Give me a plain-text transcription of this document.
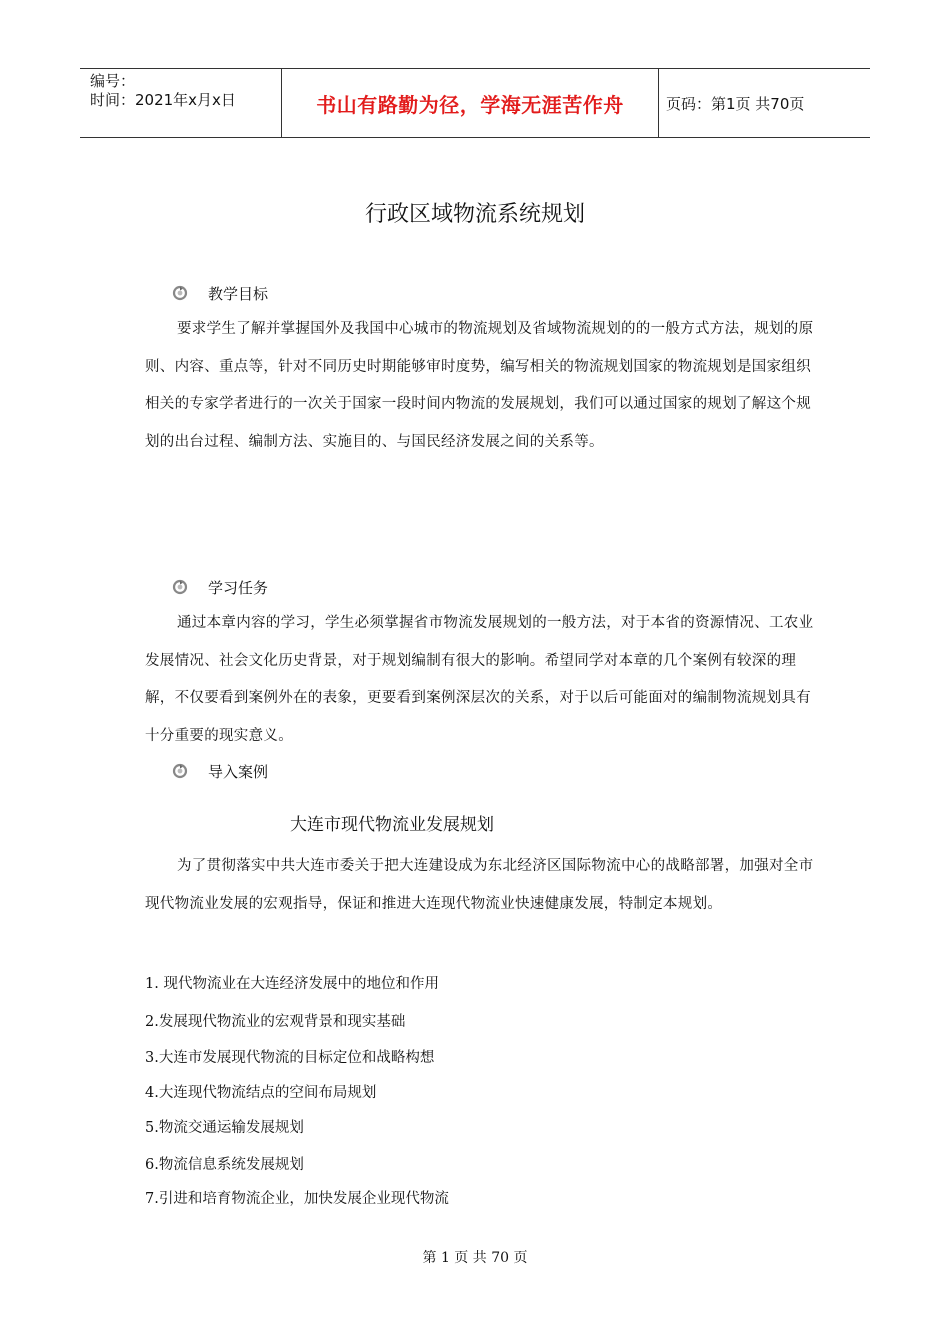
编号：
时间：2021年x月x日	书山有路勤为径，学海无涯苦作舟	页码：第1页 共70页
行政区域物流系统规划
教学目标

要求学生了解并掌握国外及我国中心城市的物流规划及省域物流规划的的一般方式方法，规划的原则、内容、重点等，针对不同历史时期能够审时度势，编写相关的物流规划国家的物流规划是国家组织相关的专家学者进行的一次关于国家一段时间内物流的发展规划，我们可以通过国家的规划了解这个规划的出台过程、编制方法、实施目的、与国民经济发展之间的关系等。

学习任务

通过本章内容的学习，学生必须掌握省市物流发展规划的一般方法，对于本省的资源情况、工农业发展情况、社会文化历史背景，对于规划编制有很大的影响。希望同学对本章的几个案例有较深的理解，不仅要看到案例外在的表象，更要看到案例深层次的关系，对于以后可能面对的编制物流规划具有十分重要的现实意义。

导入案例
大连市现代物流业发展规划

为了贯彻落实中共大连市委关于把大连建设成为东北经济区国际物流中心的战略部署，加强对全市现代物流业发展的宏观指导，保证和推进大连现代物流业快速健康发展，特制定本规划。

1. 现代物流业在大连经济发展中的地位和作用
2.发展现代物流业的宏观背景和现实基础
3.大连市发展现代物流的目标定位和战略构想
4.大连现代物流结点的空间布局规划
5.物流交通运输发展规划
6.物流信息系统发展规划
7.引进和培育物流企业，加快发展企业现代物流
第 1 页 共 70 页
